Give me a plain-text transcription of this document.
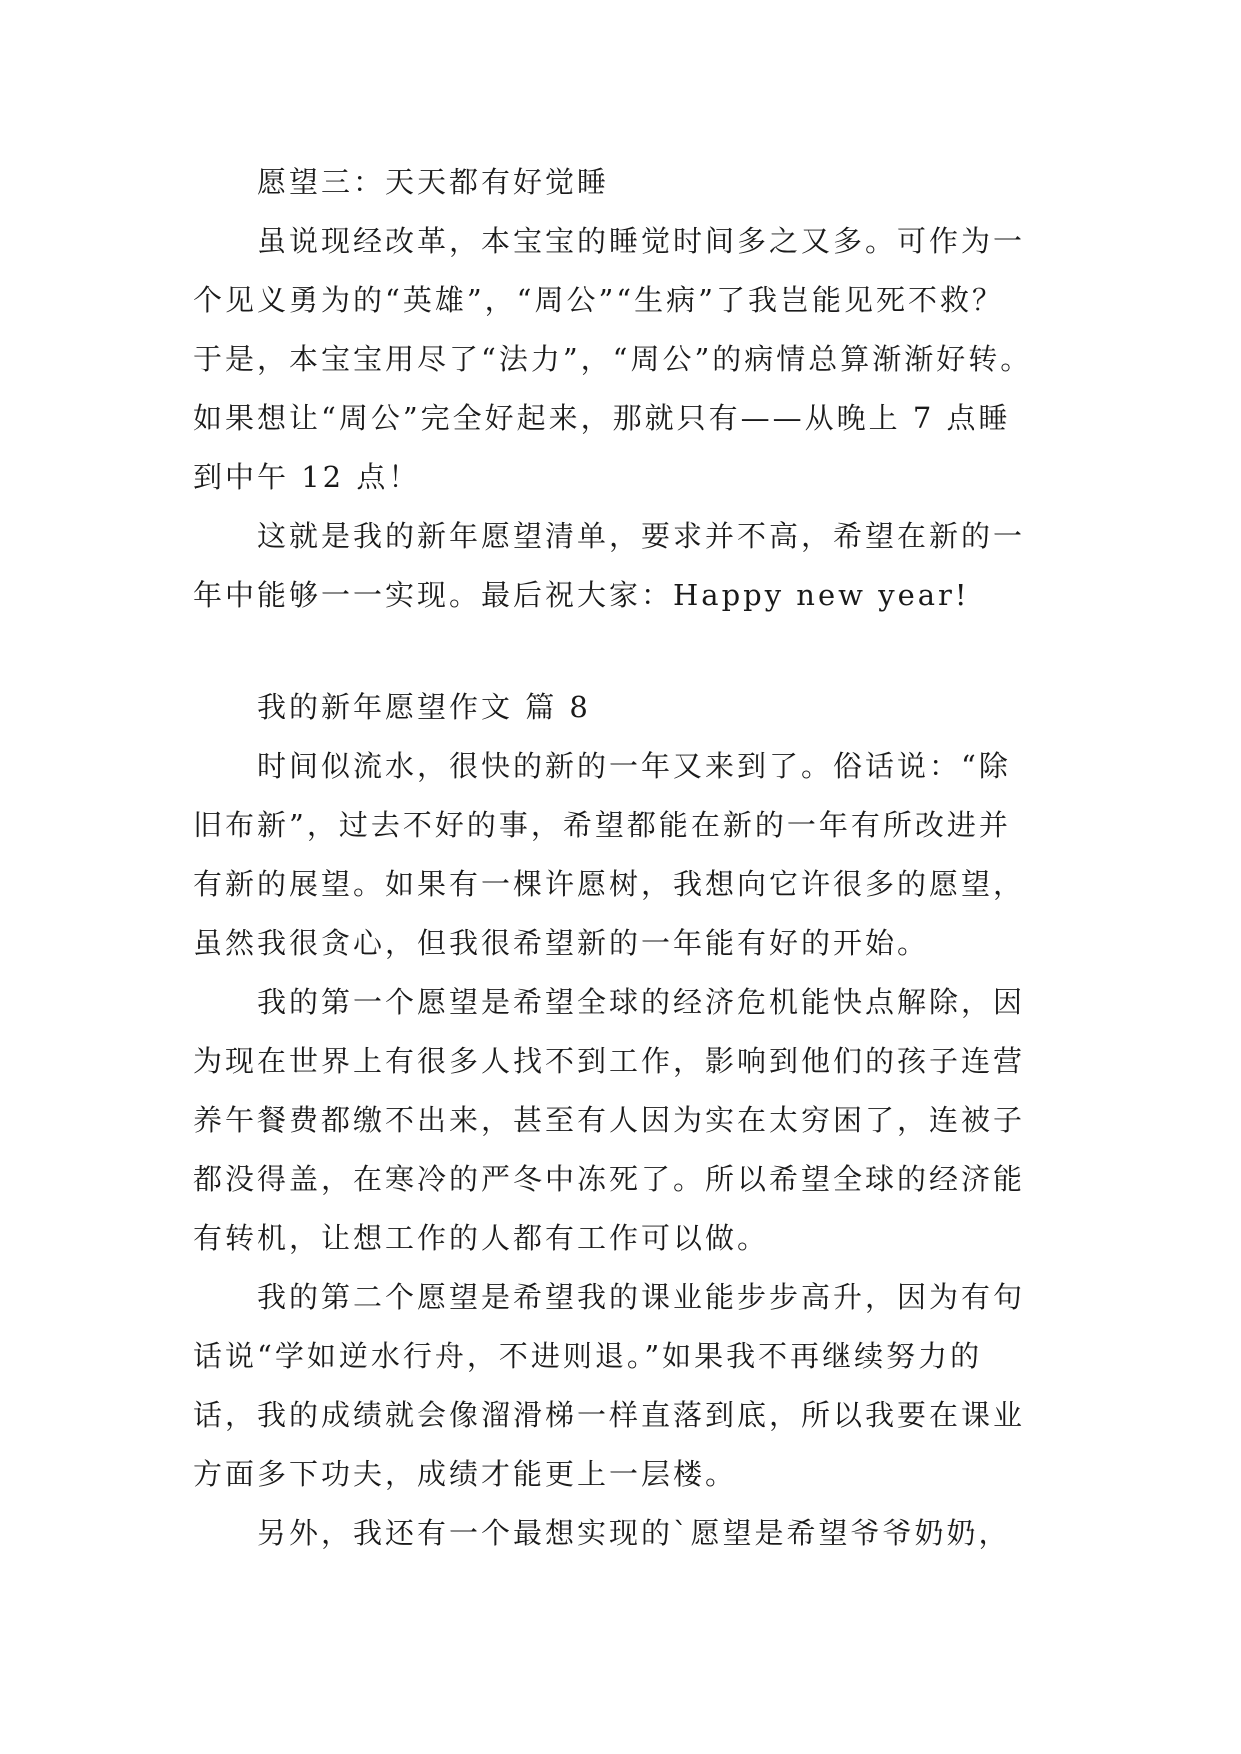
愿望三：天天都有好觉睡
虽说现经改革，本宝宝的睡觉时间多之又多。可作为一
个见义勇为的“英雄”，“周公”“生病”了我岂能见死不救？
于是，本宝宝用尽了“法力”，“周公”的病情总算渐渐好转。
如果想让“周公”完全好起来，那就只有——从晚上 7 点睡
到中午 12 点！
这就是我的新年愿望清单，要求并不高，希望在新的一
年中能够一一实现。最后祝大家：Happy new year!
我的新年愿望作文 篇 8
时间似流水，很快的新的一年又来到了。俗话说：“除
旧布新”，过去不好的事，希望都能在新的一年有所改进并
有新的展望。如果有一棵许愿树，我想向它许很多的愿望，
虽然我很贪心，但我很希望新的一年能有好的开始。
我的第一个愿望是希望全球的经济危机能快点解除，因
为现在世界上有很多人找不到工作，影响到他们的孩子连营
养午餐费都缴不出来，甚至有人因为实在太穷困了，连被子
都没得盖，在寒冷的严冬中冻死了。所以希望全球的经济能
有转机，让想工作的人都有工作可以做。
我的第二个愿望是希望我的课业能步步高升，因为有句
话说“学如逆水行舟，不进则退。”如果我不再继续努力的
话，我的成绩就会像溜滑梯一样直落到底，所以我要在课业
方面多下功夫，成绩才能更上一层楼。
另外，我还有一个最想实现的`愿望是希望爷爷奶奶，
